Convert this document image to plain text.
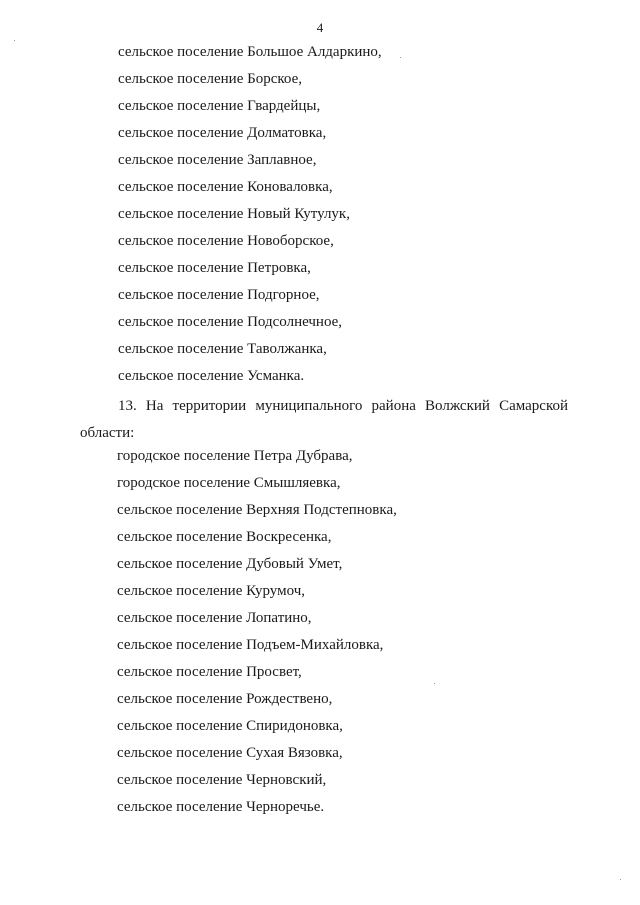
4
сельское поселение Большое Алдаркино,
сельское поселение Борское,
сельское поселение Гвардейцы,
сельское поселение Долматовка,
сельское поселение Заплавное,
сельское поселение Коноваловка,
сельское поселение Новый Кутулук,
сельское поселение Новоборское,
сельское поселение Петровка,
сельское поселение Подгорное,
сельское поселение Подсолнечное,
сельское поселение Таволжанка,
сельское поселение Усманка.

13. На территории муниципального района Волжский Самарской
области:

городское поселение Петра Дубрава,
городское поселение Смышляевка,
сельское поселение Верхняя Подстепновка,
сельское поселение Воскресенка,
сельское поселение Дубовый Умет,
сельское поселение Курумоч,
сельское поселение Лопатино,
сельское поселение Подъем-Михайловка,
сельское поселение Просвет,
сельское поселение Рождествено,
сельское поселение Спиридоновка,
сельское поселение Сухая Вязовка,
сельское поселение Черновский,
сельское поселение Черноречье.
